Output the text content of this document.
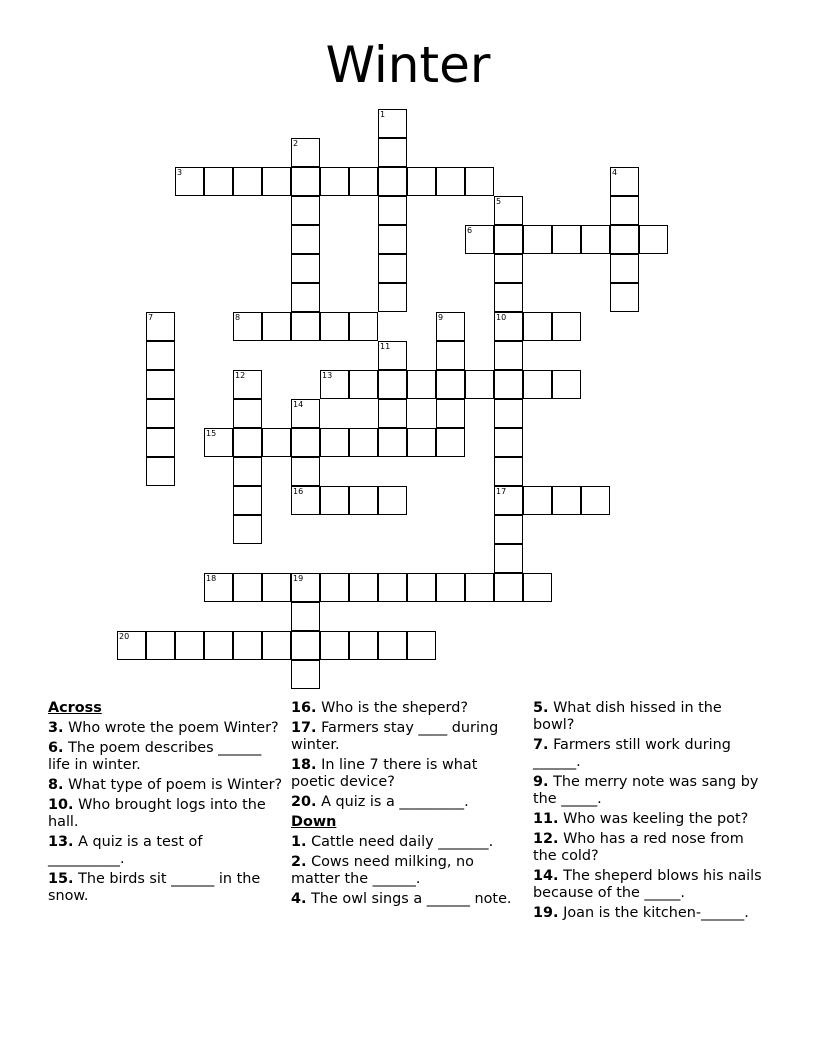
Winter
1
2
3	4
5
10
17
6
7	8	9
11
12	13
14
16
15
18	19
20
Across
3. Who wrote the poem Winter?
6. The poem describes ______ life in winter.
8. What type of poem is Winter?
10. Who brought logs into the hall.
13. A quiz is a test of __________.
15. The birds sit ______ in the snow.
16. Who is the sheperd?
17. Farmers stay ____ during winter.
18. In line 7 there is what poetic device?
20. A quiz is a _________.
Down
1. Cattle need daily _______.
2. Cows need milking, no matter the ______.
4. The owl sings a ______ note.
5. What dish hissed in the bowl?
7. Farmers still work during ______.
9. The merry note was sang by the _____.
11. Who was keeling the pot?
12. Who has a red nose from the cold?
14. The sheperd blows his nails because of the _____.
19. Joan is the kitchen-______.
